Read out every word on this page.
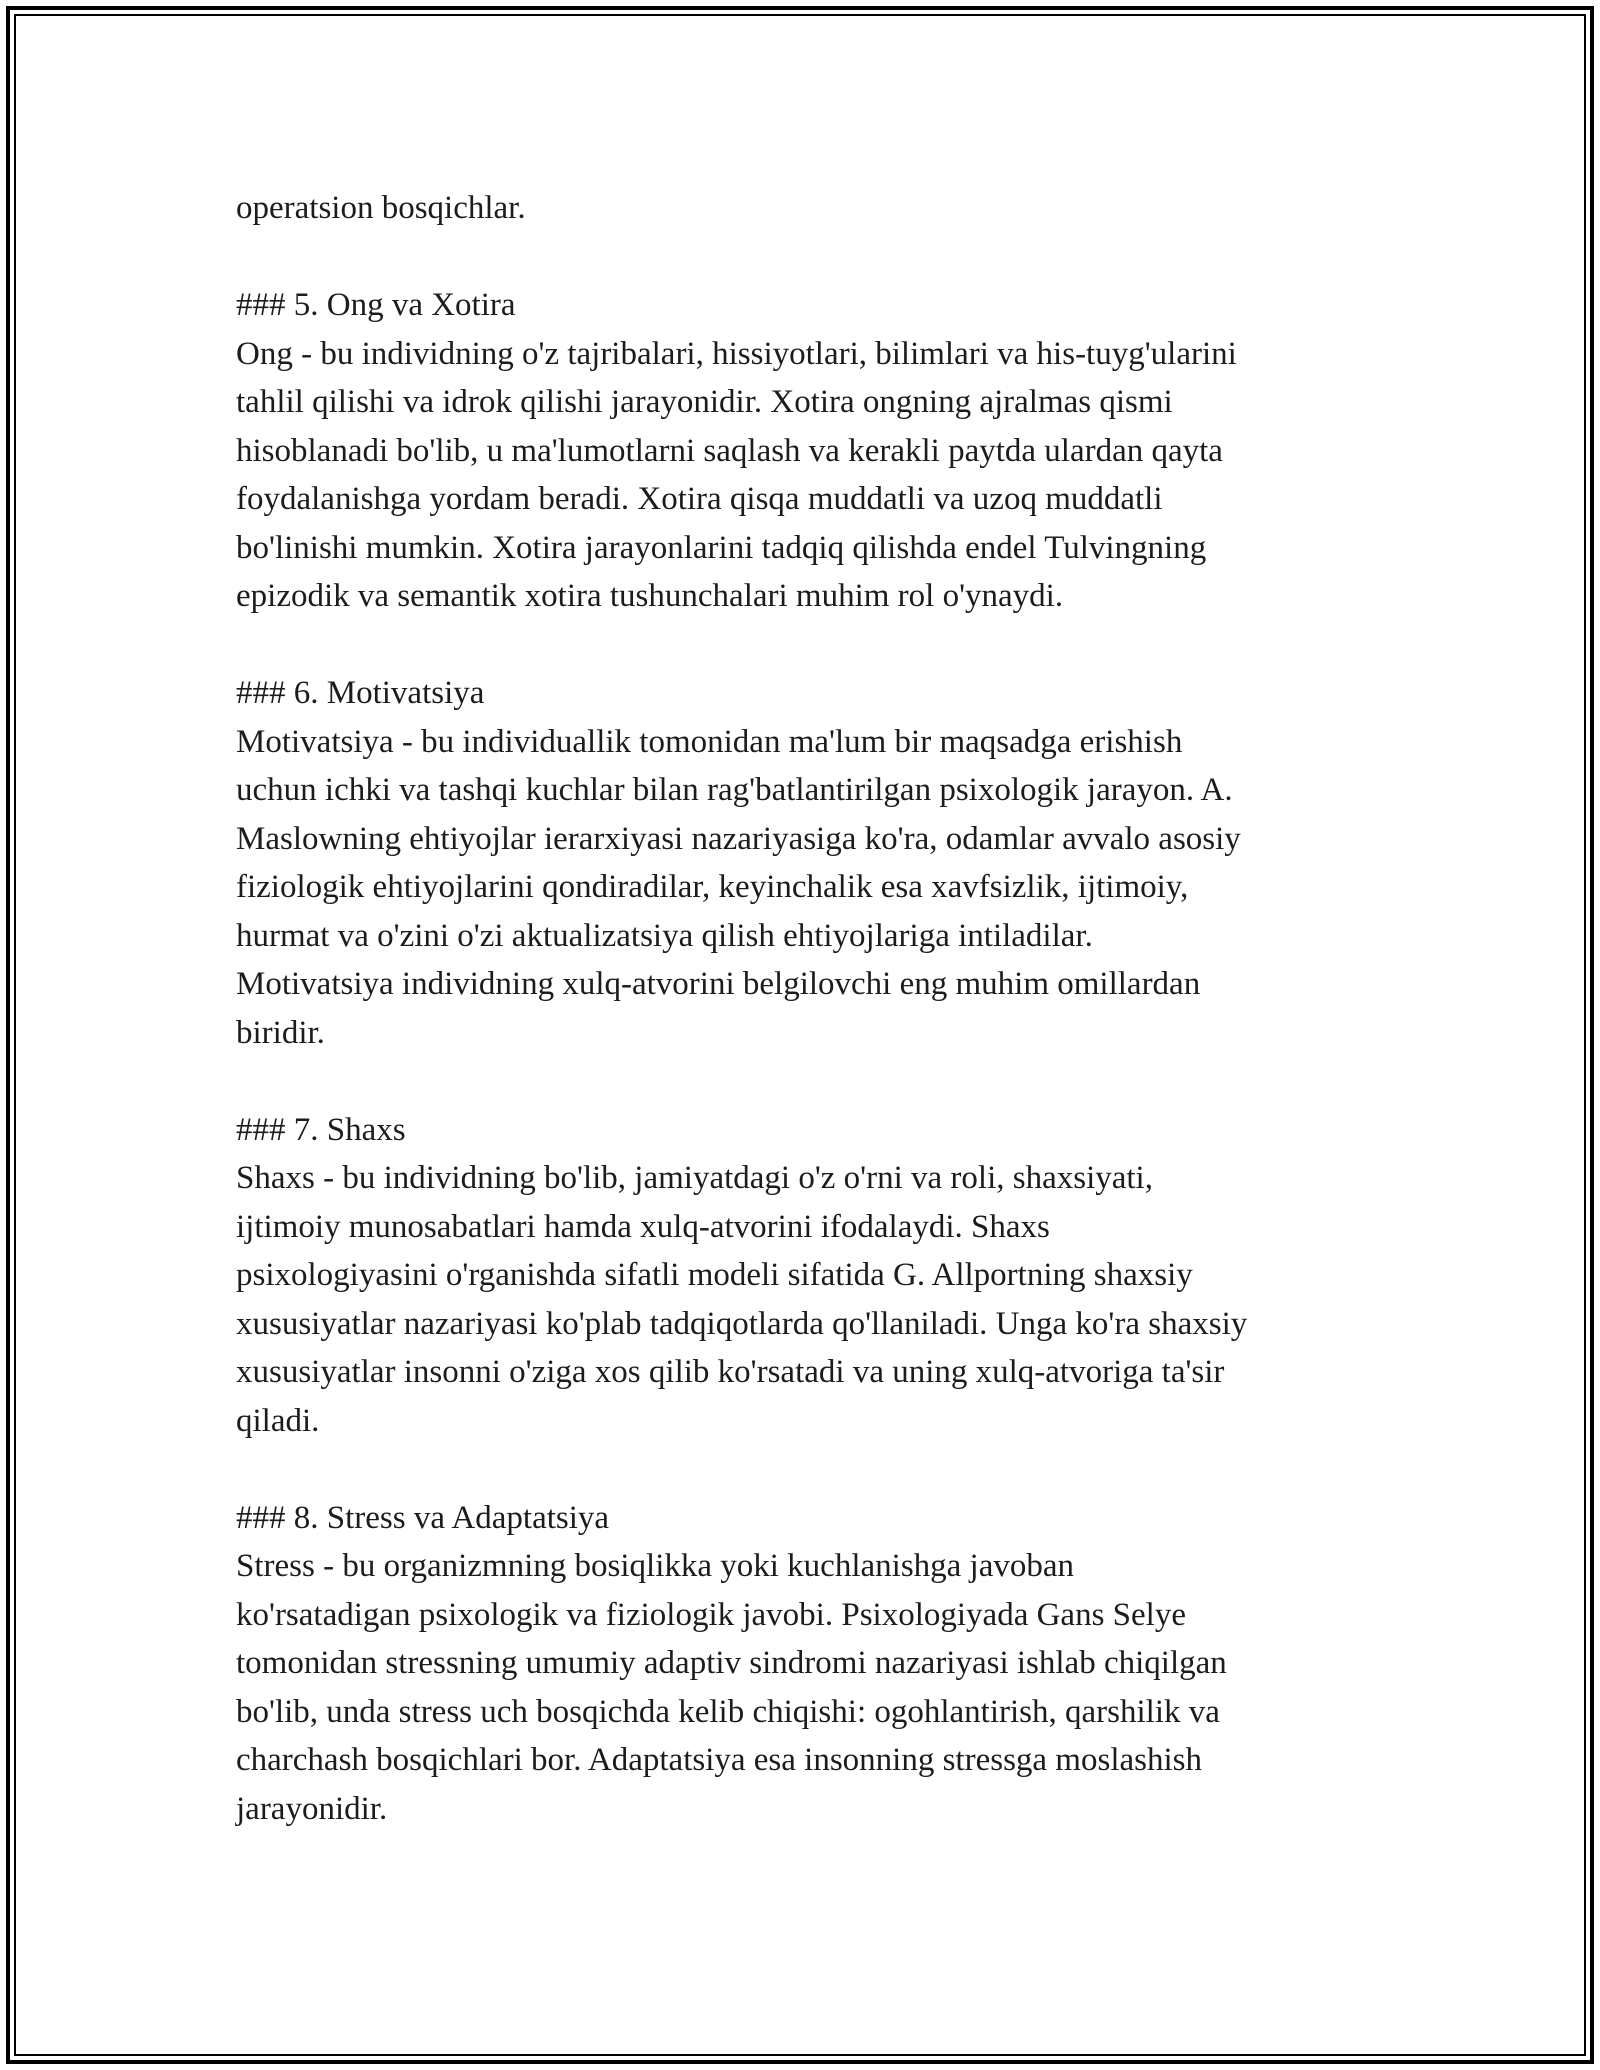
operatsion bosqichlar.
### 5. Ong va Xotira
Ong - bu individning o'z tajribalari, hissiyotlari, bilimlari va his-tuyg'ularini
tahlil qilishi va idrok qilishi jarayonidir. Xotira ongning ajralmas qismi
hisoblanadi bo'lib, u ma'lumotlarni saqlash va kerakli paytda ulardan qayta
foydalanishga yordam beradi. Xotira qisqa muddatli va uzoq muddatli
bo'linishi mumkin. Xotira jarayonlarini tadqiq qilishda endel Tulvingning
epizodik va semantik xotira tushunchalari muhim rol o'ynaydi.
### 6. Motivatsiya
Motivatsiya - bu individuallik tomonidan ma'lum bir maqsadga erishish
uchun ichki va tashqi kuchlar bilan rag'batlantirilgan psixologik jarayon. A.
Maslowning ehtiyojlar ierarxiyasi nazariyasiga ko'ra, odamlar avvalo asosiy
fiziologik ehtiyojlarini qondiradilar, keyinchalik esa xavfsizlik, ijtimoiy,
hurmat va o'zini o'zi aktualizatsiya qilish ehtiyojlariga intiladilar.
Motivatsiya individning xulq-atvorini belgilovchi eng muhim omillardan
biridir.
### 7. Shaxs
Shaxs - bu individning bo'lib, jamiyatdagi o'z o'rni va roli, shaxsiyati,
ijtimoiy munosabatlari hamda xulq-atvorini ifodalaydi. Shaxs
psixologiyasini o'rganishda sifatli modeli sifatida G. Allportning shaxsiy
xususiyatlar nazariyasi ko'plab tadqiqotlarda qo'llaniladi. Unga ko'ra shaxsiy
xususiyatlar insonni o'ziga xos qilib ko'rsatadi va uning xulq-atvoriga ta'sir
qiladi.
### 8. Stress va Adaptatsiya
Stress - bu organizmning bosiqlikka yoki kuchlanishga javoban
ko'rsatadigan psixologik va fiziologik javobi. Psixologiyada Gans Selye
tomonidan stressning umumiy adaptiv sindromi nazariyasi ishlab chiqilgan
bo'lib, unda stress uch bosqichda kelib chiqishi: ogohlantirish, qarshilik va
charchash bosqichlari bor. Adaptatsiya esa insonning stressga moslashish
jarayonidir.
